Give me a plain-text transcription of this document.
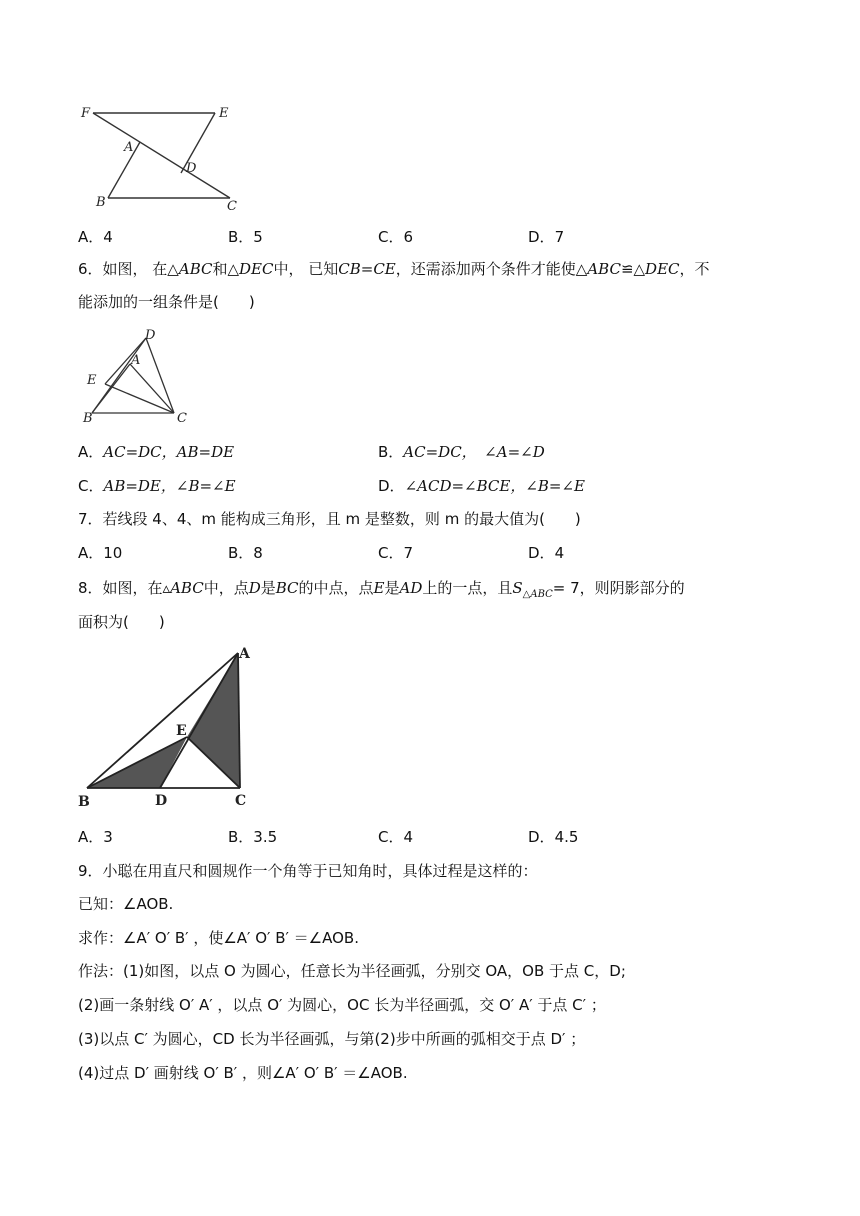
F	E
A
D
B	C
A．4	B．5	C．6	D．7
6．如图， 在△ABC和△DEC中， 已知CB=CE，还需添加两个条件才能使△ABC≌△DEC，不
能添加的一组条件是(　　)
D
A
E
B	C
A．AC=DC，AB=DE	B．AC=DC，　∠A=∠D
C．AB=DE，∠B=∠E	D．∠ACD=∠BCE，∠B=∠E
7．若线段 4、4、m 能构成三角形，且 m 是整数，则 m 的最大值为(　　)
A．10	B．8	C．7	D．4
8．如图，在▵ABC中，点D是BC的中点，点E是AD上的一点，且$S_{\triangle ABC}= 7$，则阴影部分的
面积为(　　)
A
E
B	D	C
A．3	B．3.5	C．4	D．4.5
9．小聪在用直尺和圆规作一个角等于已知角时，具体过程是这样的：
已知：∠AOB.
求作：∠A′ O′ B′ ，使∠A′ O′ B′ ＝∠AOB.
作法：(1)如图，以点 O 为圆心，任意长为半径画弧，分别交 OA，OB 于点 C，D;
(2)画一条射线 O′ A′ ，以点 O′ 为圆心，OC 长为半径画弧，交 O′ A′ 于点 C′ ；
(3)以点 C′ 为圆心，CD 长为半径画弧，与第(2)步中所画的弧相交于点 D′ ；
(4)过点 D′ 画射线 O′ B′ ，则∠A′ O′ B′ ＝∠AOB.
